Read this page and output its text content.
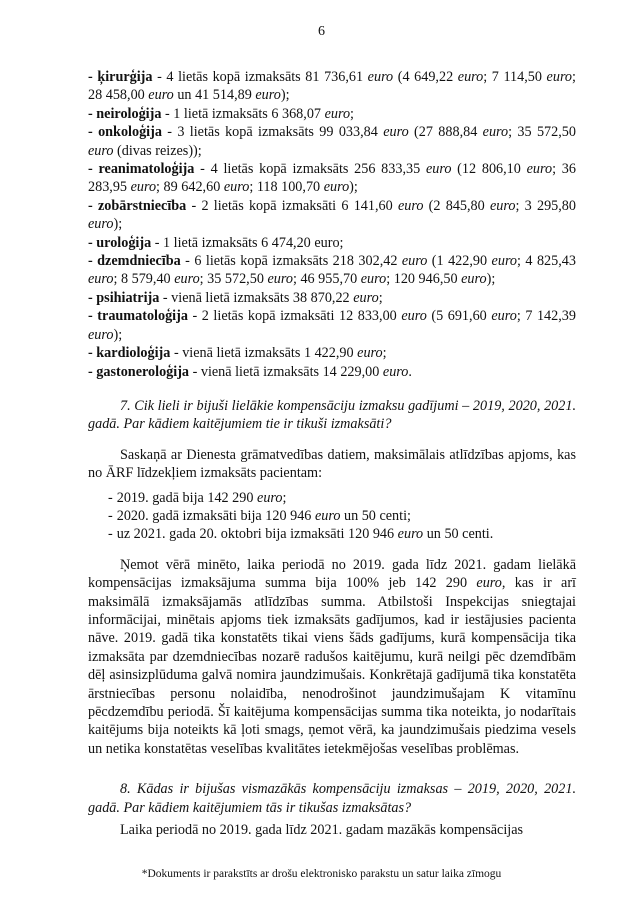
6
- ķirurģija - 4 lietās kopā izmaksāts 81 736,61 euro (4 649,22 euro; 7 114,50 euro; 28 458,00 euro un 41 514,89 euro);
- neiroloģija - 1 lietā izmaksāts 6 368,07 euro;
- onkoloģija - 3 lietās kopā izmaksāts 99 033,84 euro (27 888,84 euro; 35 572,50 euro (divas reizes));
- reanimatoloģija - 4 lietās kopā izmaksāts 256 833,35 euro (12 806,10 euro; 36 283,95 euro; 89 642,60 euro; 118 100,70 euro);
- zobārstniecība - 2 lietās kopā izmaksāti 6 141,60 euro (2 845,80 euro; 3 295,80 euro);
- uroloģija - 1 lietā izmaksāts 6 474,20 euro;
- dzemdniecība - 6 lietās kopā izmaksāts 218 302,42 euro (1 422,90 euro; 4 825,43 euro; 8 579,40 euro; 35 572,50 euro; 46 955,70 euro; 120 946,50 euro);
- psihiatrija - vienā lietā izmaksāts 38 870,22 euro;
- traumatoloģija - 2 lietās kopā izmaksāti 12 833,00 euro (5 691,60 euro; 7 142,39 euro);
- kardioloģija - vienā lietā izmaksāts 1 422,90 euro;
- gastoneroloģija - vienā lietā izmaksāts 14 229,00 euro.

7. Cik lieli ir bijuši lielākie kompensāciju izmaksu gadījumi – 2019, 2020, 2021. gadā. Par kādiem kaitējumiem tie ir tikuši izmaksāti?

Saskaņā ar Dienesta grāmatvedības datiem, maksimālais atlīdzības apjoms, kas no ĀRF līdzekļiem izmaksāts pacientam:

- 2019. gadā bija 142 290 euro;
- 2020. gadā izmaksāti bija 120 946 euro un 50 centi;
- uz 2021. gada 20. oktobri bija izmaksāti 120 946 euro un 50 centi.

Ņemot vērā minēto, laika periodā no 2019. gada līdz 2021. gadam lielākā kompensācijas izmaksājuma summa bija 100% jeb 142 290 euro, kas ir arī maksimālā izmaksājamās atlīdzības summa. Atbilstoši Inspekcijas sniegtajai informācijai, minētais apjoms tiek izmaksāts gadījumos, kad ir iestājusies pacienta nāve. 2019. gadā tika konstatēts tikai viens šāds gadījums, kurā kompensācija tika izmaksāta par dzemdniecības nozarē radušos kaitējumu, kurā neilgi pēc dzemdībām dēļ asinsizplūduma galvā nomira jaundzimušais. Konkrētajā gadījumā tika konstatēta ārstniecības personu nolaidība, nenodrošinot jaundzimušajam K vitamīnu pēcdzemdību periodā. Šī kaitējuma kompensācijas summa tika noteikta, jo nodarītais kaitējums bija noteikts kā ļoti smags, ņemot vērā, ka jaundzimušais piedzima vesels un netika konstatētas veselības kvalitātes ietekmējošas veselības problēmas.

8. Kādas ir bijušas vismazākās kompensāciju izmaksas – 2019, 2020, 2021. gadā. Par kādiem kaitējumiem tās ir tikušas izmaksātas?

Laika periodā no 2019. gada līdz 2021. gadam mazākās kompensācijas

*Dokuments ir parakstīts ar drošu elektronisko parakstu un satur laika zīmogu
